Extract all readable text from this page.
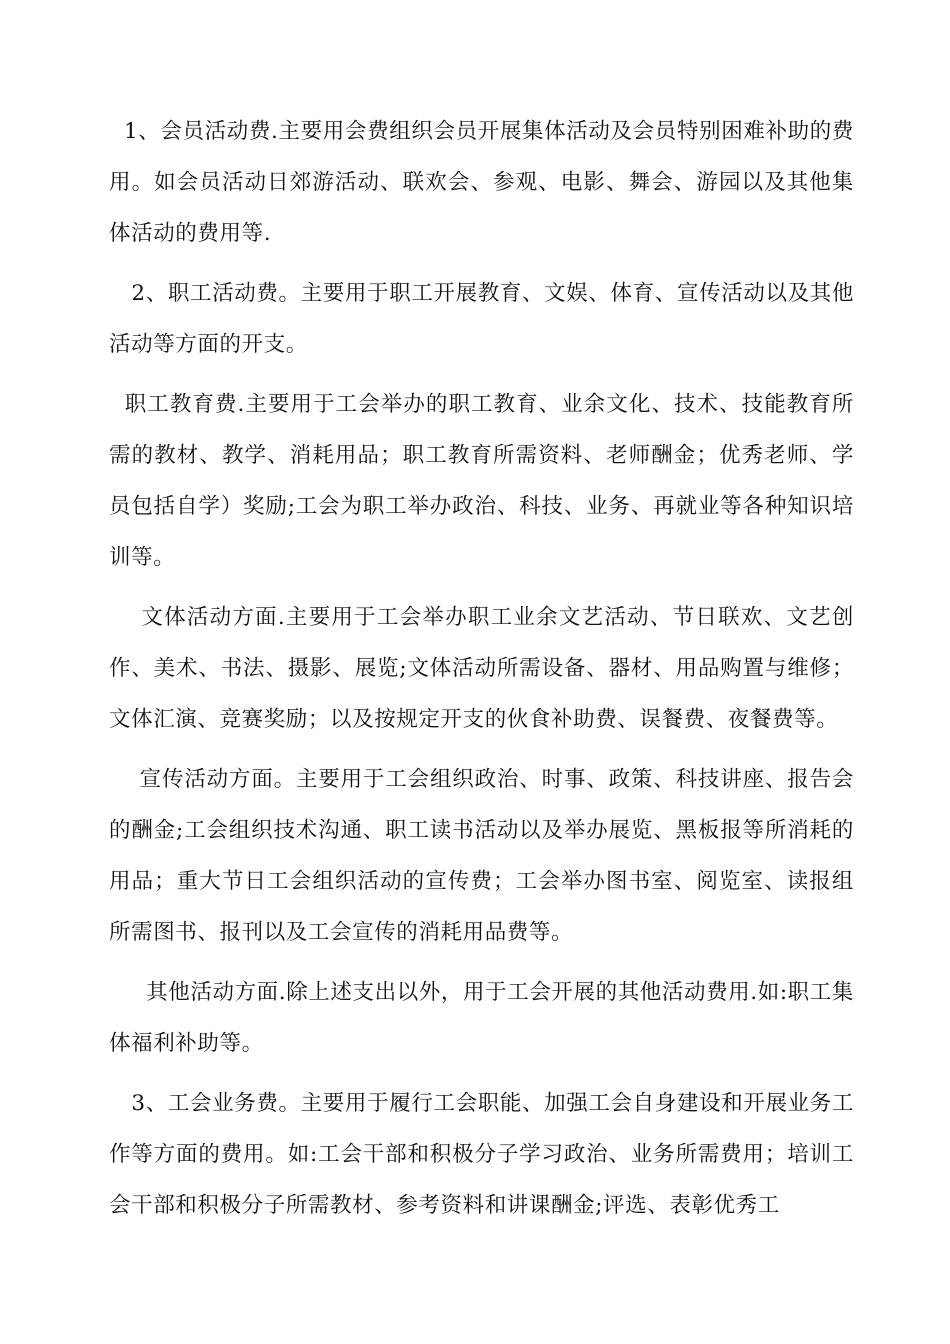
1、会员活动费.主要用会费组织会员开展集体活动及会员特别困难补助的费用。如会员活动日郊游活动、联欢会、参观、电影、舞会、游园以及其他集体活动的费用等.

2、职工活动费。主要用于职工开展教育、文娱、体育、宣传活动以及其他活动等方面的开支。

职工教育费.主要用于工会举办的职工教育、业余文化、技术、技能教育所需的教材、教学、消耗用品；职工教育所需资料、老师酬金；优秀老师、学员包括自学）奖励;工会为职工举办政治、科技、业务、再就业等各种知识培训等。

文体活动方面.主要用于工会举办职工业余文艺活动、节日联欢、文艺创作、美术、书法、摄影、展览;文体活动所需设备、器材、用品购置与维修；文体汇演、竞赛奖励；以及按规定开支的伙食补助费、误餐费、夜餐费等。

宣传活动方面。主要用于工会组织政治、时事、政策、科技讲座、报告会的酬金;工会组织技术沟通、职工读书活动以及举办展览、黑板报等所消耗的用品；重大节日工会组织活动的宣传费；工会举办图书室、阅览室、读报组所需图书、报刊以及工会宣传的消耗用品费等。

其他活动方面.除上述支出以外，用于工会开展的其他活动费用.如:职工集体福利补助等。

3、工会业务费。主要用于履行工会职能、加强工会自身建设和开展业务工作等方面的费用。如:工会干部和积极分子学习政治、业务所需费用；培训工会干部和积极分子所需教材、参考资料和讲课酬金;评选、表彰优秀工
